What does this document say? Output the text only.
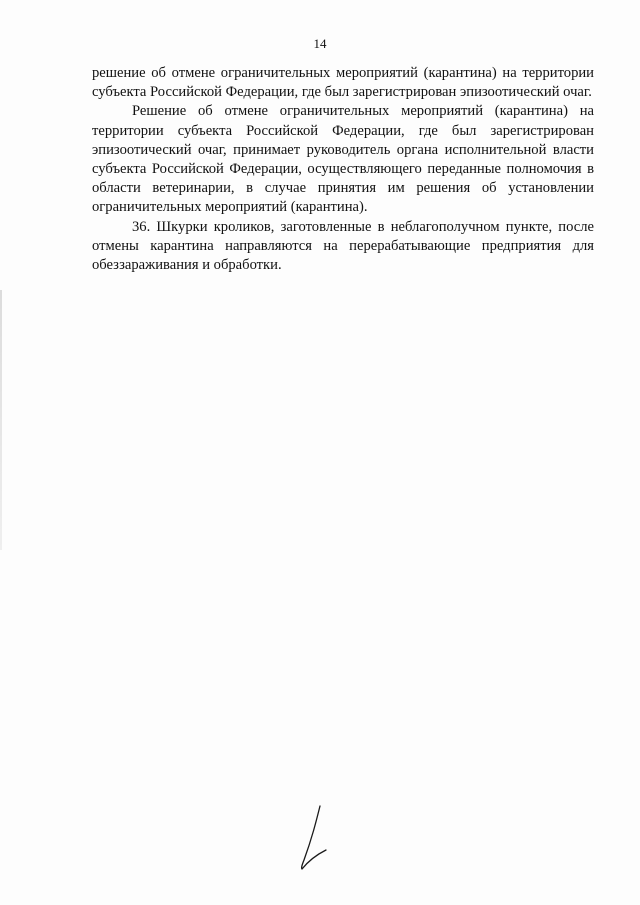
14

решение об отмене ограничительных мероприятий (карантина) на территории субъекта Российской Федерации, где был зарегистрирован эпизоотический очаг.

Решение об отмене ограничительных мероприятий (карантина) на территории субъекта Российской Федерации, где был зарегистрирован эпизоотический очаг, принимает руководитель органа исполнительной власти субъекта Российской Федерации, осуществляющего переданные полномочия в области ветеринарии, в случае принятия им решения об установлении ограничительных мероприятий (карантина).

36. Шкурки кроликов, заготовленные в неблагополучном пункте, после отмены карантина направляются на перерабатывающие предприятия для обеззараживания и обработки.
